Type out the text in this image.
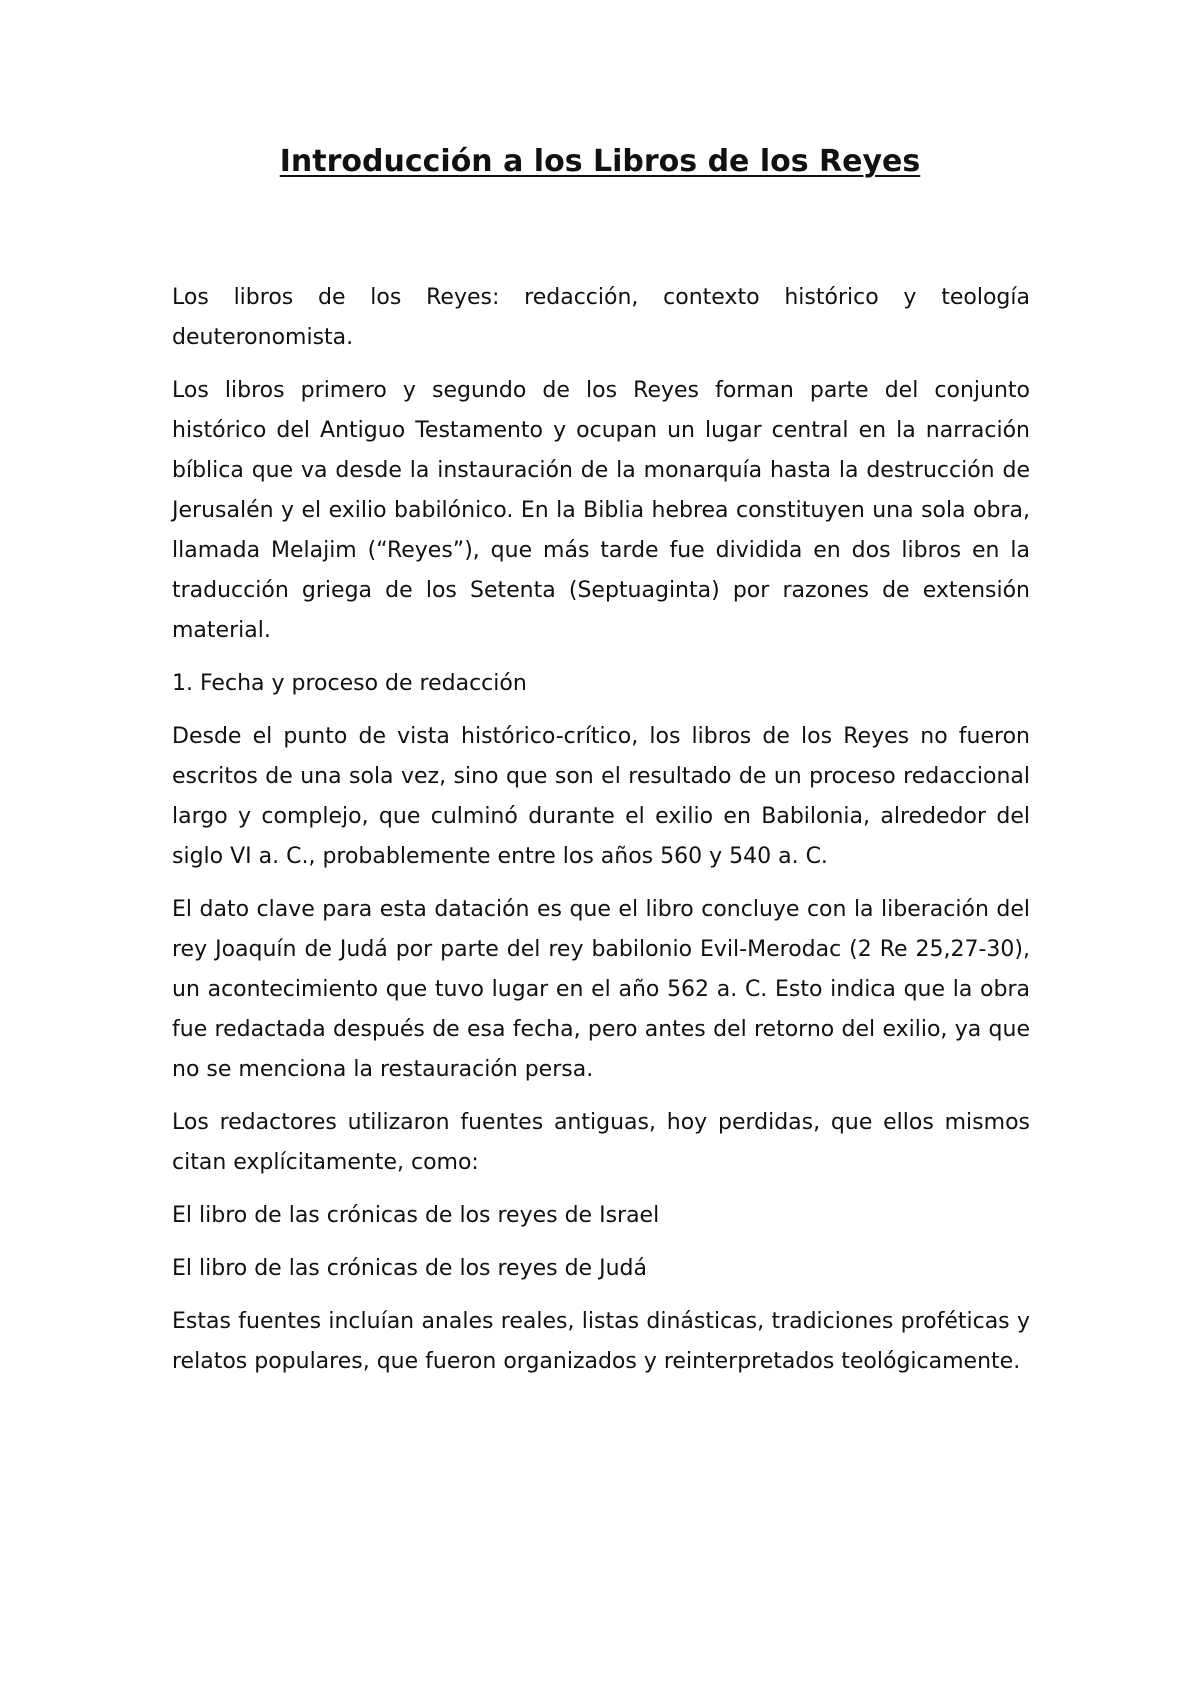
Introducción a los Libros de los Reyes

Los libros de los Reyes: redacción, contexto histórico y teología deuteronomista.

Los libros primero y segundo de los Reyes forman parte del conjunto histórico del Antiguo Testamento y ocupan un lugar central en la narración bíblica que va desde la instauración de la monarquía hasta la destrucción de Jerusalén y el exilio babilónico. En la Biblia hebrea constituyen una sola obra, llamada Melajim (“Reyes”), que más tarde fue dividida en dos libros en la traducción griega de los Setenta (Septuaginta) por razones de extensión material.

1. Fecha y proceso de redacción

Desde el punto de vista histórico-crítico, los libros de los Reyes no fueron escritos de una sola vez, sino que son el resultado de un proceso redaccional largo y complejo, que culminó durante el exilio en Babilonia, alrededor del siglo VI a. C., probablemente entre los años 560 y 540 a. C.

El dato clave para esta datación es que el libro concluye con la liberación del rey Joaquín de Judá por parte del rey babilonio Evil-Merodac (2 Re 25,27-30), un acontecimiento que tuvo lugar en el año 562 a. C. Esto indica que la obra fue redactada después de esa fecha, pero antes del retorno del exilio, ya que no se menciona la restauración persa.

Los redactores utilizaron fuentes antiguas, hoy perdidas, que ellos mismos citan explícitamente, como:

El libro de las crónicas de los reyes de Israel

El libro de las crónicas de los reyes de Judá

Estas fuentes incluían anales reales, listas dinásticas, tradiciones proféticas y relatos populares, que fueron organizados y reinterpretados teológicamente.
